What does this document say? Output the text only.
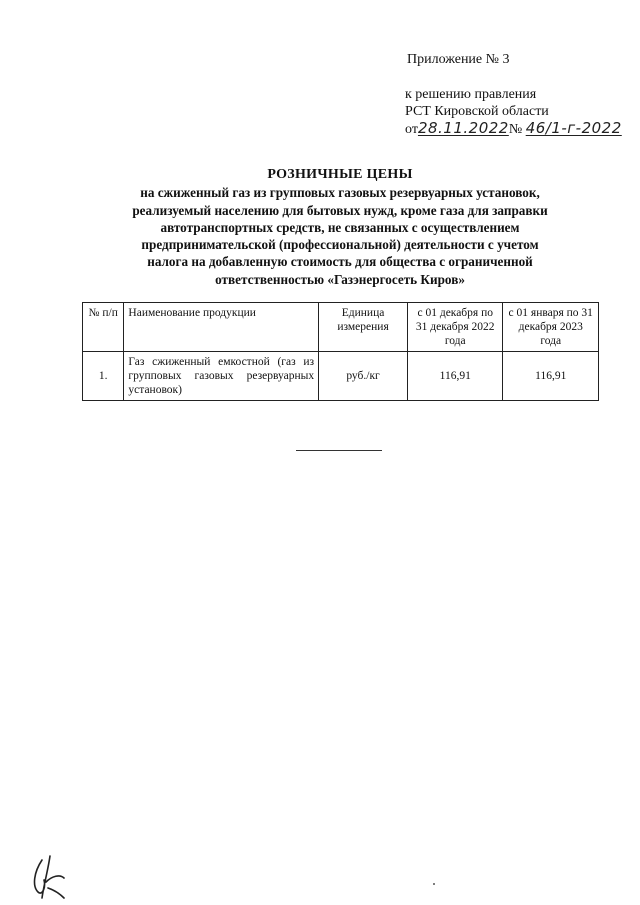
Приложение № 3
к решению правления
РСТ Кировской области
от28.11.2022№ 46/1-г-2022
РОЗНИЧНЫЕ ЦЕНЫ
на сжиженный газ из групповых газовых резервуарных установок,
реализуемый населению для бытовых нужд, кроме газа для заправки
автотранспортных средств, не связанных с осуществлением
предпринимательской (профессиональной) деятельности с учетом
налога на добавленную стоимость для общества с ограниченной
ответственностью «Газэнергосеть Киров»
№ п/п	Наименование продукции	Единица измерения	с 01 декабря по 31 декабря 2022 года	с 01 января по 31 декабря 2023 года
1.	Газ сжиженный емкостной (газ из групповых газовых резервуарных установок)	руб./кг	116,91	116,91
